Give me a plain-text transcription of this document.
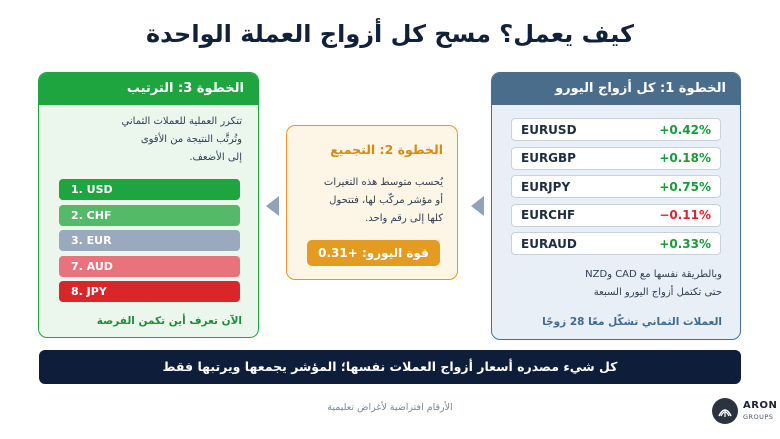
كيف يعمل؟ مسح كل أزواج العملة الواحدة
الخطوة 1: كل أزواج اليورو
EURUSD	+0.42%
EURGBP	+0.18%
EURJPY	+0.75%
EURCHF	−0.11%
EURAUD	+0.33%
وبالطريقة نفسها مع CAD وNZD
حتى تكتمل أزواج اليورو السبعة
العملات الثماني تشكّل معًا 28 زوجًا
الخطوة 2: التجميع
يُحسب متوسط هذه التغيرات
أو مؤشر مركّب لها، فتتحول
كلها إلى رقم واحد.
قوة اليورو: +0.31
الخطوة 3: الترتيب
تتكرر العملية للعملات الثماني
وتُرتَّب النتيجة من الأقوى
إلى الأضعف.
1. USD
2. CHF
3. EUR
7. AUD
8. JPY
الآن تعرف أين تكمن الفرصة
كل شيء مصدره أسعار أزواج العملات نفسها؛ المؤشر يجمعها ويرتبها فقط
الأرقام افتراضية لأغراض تعليمية	ARON
GROUPS
